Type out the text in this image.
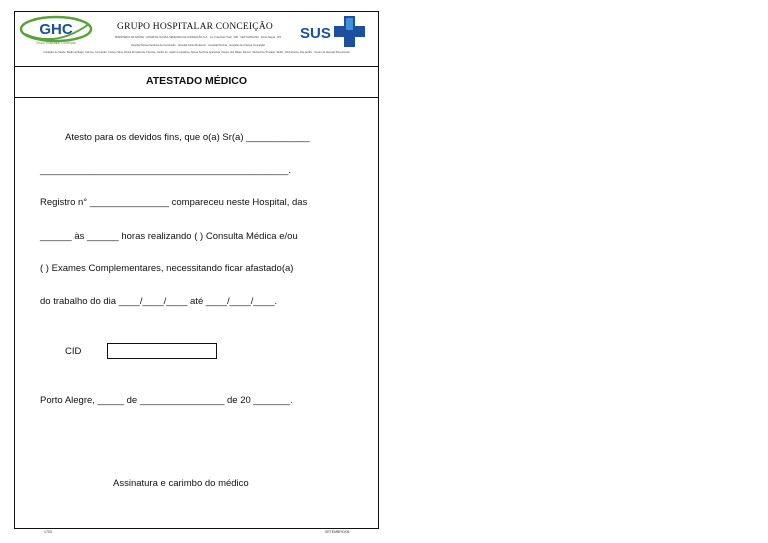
GHC
Grupo Hospitalar Conceição
GRUPO HOSPITALAR CONCEIÇÃO
MINISTÉRIO DA SAÚDE · HOSPITAL NOSSA SENHORA DA CONCEIÇÃO S.A. · Av. Francisco Trein, 596 · CEP 91350-200 · Porto Alegre · RS
Hospital Nossa Senhora da Conceição · Hospital Cristo Redentor · Hospital Fêmina · Hospital da Criança Conceição
Unidades de Saúde: Barão de Bagé, Coinma, Conceição, Costa e Silva, Divina Providência, Floresta, Jardim Itu, Jardim Leopoldina, Nossa Senhora Aparecida, Parque dos Maias, Ramos, Santíssima Trindade, SESC, Vila Floresta, Vila Jardim · Centro de Atenção Psicossocial
SUS
ATESTADO MÉDICO
Atesto para os devidos fins, que o(a) Sr(a) ____________
_______________________________________________.
Registro n° _______________ compareceu neste Hospital, das
______ às ______ horas realizando ( ) Consulta Médica e/ou
( ) Exames Complementares, necessitando ficar afastado(a)
do trabalho do dia ____/____/____ até ____/____/____.
CID
Porto Alegre, _____ de ________________ de 20 _______.
Assinatura e carimbo do médico
1703	SETEMBRO/05
